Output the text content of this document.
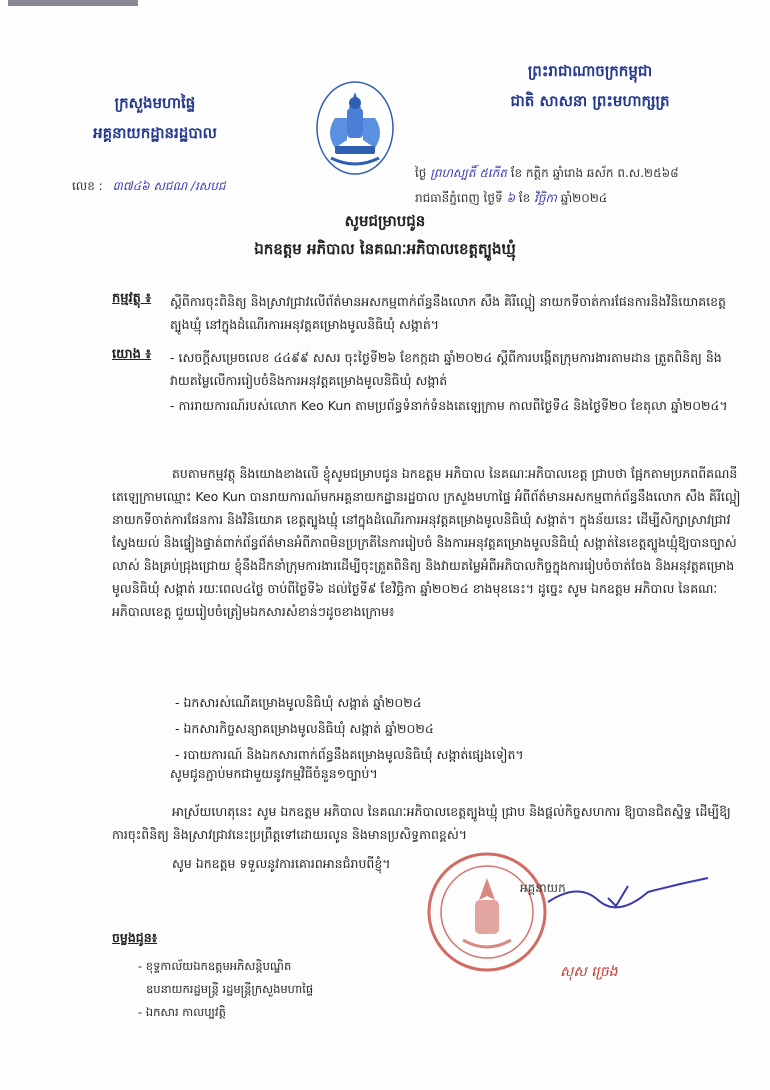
ក្រសួងមហាផ្ទៃ
អគ្គនាយកដ្ឋានរដ្ឋបាល
ព្រះរាជាណាចក្រកម្ពុជា
ជាតិ សាសនា ព្រះមហាក្សត្រ
លេខ : ៣៧៤៦ សជណ /រសបជ
ថ្ងៃ ព្រហស្បតិ៍ ៥កើត ខែ កត្តិក ឆ្នាំរោង ឆស័ក ព.ស.២៥៦៨
រាជធានីភ្នំពេញ ថ្ងៃទី ៦ ខែ វិច្ឆិកា ឆ្នាំ២០២៤
សូមជម្រាបជូន
ឯកឧត្តម អភិបាល នៃគណៈអភិបាលខេត្តត្បូងឃ្មុំ
កម្មវត្ថុ ៖ ស្តីពីការចុះពិនិត្យ និងស្រាវជ្រាវលើព័ត៌មានអសកម្មពាក់ព័ន្ធនឹងលោក សឹង គិរីល្អៀ នាយកទីចាត់ការផែនការនិងវិនិយោគខេត្តត្បូងឃ្មុំ នៅក្នុងដំណើរការអនុវត្តគម្រោងមូលនិធិឃុំ សង្កាត់។
យោង ៖ - សេចក្តីសម្រេចលេខ ៤៤៩៩ សសរ ចុះថ្ងៃទី២៦ ខែកក្កដា ឆ្នាំ២០២៤ ស្តីពីការបង្កើតក្រុមការងារតាមដាន ត្រួតពិនិត្យ និងវាយតម្លៃលើការរៀបចំនិងការអនុវត្តគម្រោងមូលនិធិឃុំ សង្កាត់
- ការរាយការណ៍របស់លោក Keo Kun តាមប្រព័ន្ធទំនាក់ទំនងតេឡេក្រាម កាលពីថ្ងៃទី៤ និងថ្ងៃទី២០ ខែតុលា ឆ្នាំ២០២៤។
តបតាមកម្មវត្ថុ និងយោងខាងលើ ខ្ញុំសូមជម្រាបជូន ឯកឧត្តម អភិបាល នៃគណៈអភិបាលខេត្ត ជ្រាបថា ផ្អែកតាមប្រភពពីគណនីតេឡេក្រាមឈ្មោះ Keo Kun បានរាយការណ៍មកអគ្គនាយកដ្ឋានរដ្ឋបាល ក្រសួងមហាផ្ទៃ អំពីព័ត៌មានអសកម្មពាក់ព័ន្ធនឹងលោក សឹង គិរីល្អៀ នាយកទីចាត់ការផែនការ និងវិនិយោគ ខេត្តត្បូងឃ្មុំ នៅក្នុងដំណើរការអនុវត្តគម្រោងមូលនិធិឃុំ សង្កាត់។ ក្នុងន័យនេះ ដើម្បីសិក្សាស្រាវជ្រាវស្វែងយល់ និងផ្ទៀងផ្ទាត់ពាក់ព័ន្ធព័ត៌មានអំពីភាពមិនប្រក្រតីនៃការរៀបចំ និងការអនុវត្តគម្រោងមូលនិធិឃុំ សង្កាត់នៃខេត្តត្បូងឃ្មុំឱ្យបានច្បាស់លាស់ និងគ្រប់ជ្រុងជ្រោយ ខ្ញុំនឹងដឹកនាំក្រុមការងារដើម្បីចុះត្រួតពិនិត្យ និងវាយតម្លៃអំពីអភិបាលកិច្ចក្នុងការរៀបចំចាត់ចែង និងអនុវត្តគម្រោងមូលនិធិឃុំ សង្កាត់ រយៈពេល៤ថ្ងៃ ចាប់ពីថ្ងៃទី៦ ដល់ថ្ងៃទី៩ ខែវិច្ឆិកា ឆ្នាំ២០២៤ ខាងមុខនេះ។ ដូច្នេះ សូម ឯកឧត្តម អភិបាល នៃគណៈអភិបាលខេត្ត ជួយរៀបចំត្រៀមឯកសារសំខាន់ៗដូចខាងក្រោម៖
- ឯកសារស់ណើគម្រោងមូលនិធិឃុំ សង្កាត់ ឆ្នាំ២០២៤
- ឯកសារកិច្ចសន្យាគម្រោងមូលនិធិឃុំ សង្កាត់ ឆ្នាំ២០២៤
- របាយការណ៍ និងឯកសារពាក់ព័ន្ធនឹងគម្រោងមូលនិធិឃុំ សង្កាត់ផ្សេងទៀត។
សូមជូនភ្ជាប់មកជាមួយនូវកម្មវិធីចំនួន១ច្បាប់។
អាស្រ័យហេតុនេះ សូម ឯកឧត្តម អភិបាល នៃគណៈអភិបាលខេត្តត្បូងឃ្មុំ ជ្រាប និងផ្តល់កិច្ចសហការ ឱ្យបានជិតស្និទ្ធ ដើម្បីឱ្យការចុះពិនិត្យ និងស្រាវជ្រាវនេះប្រព្រឹត្តទៅដោយរលូន និងមានប្រសិទ្ធភាពខ្ពស់។
សូម ឯកឧត្តម ទទួលនូវការគោរពអានជំរាបពីខ្ញុំ។
អគ្គនាយក
សុស ច្រេង
ចម្លងជូន៖
- ខុទ្ទកាល័យឯកឧត្តមអភិសន្តិបណ្ឌិត
ឧបនាយករដ្ឋមន្ត្រី រដ្ឋមន្ត្រីក្រសួងមហាផ្ទៃ
- ឯកសារ កាលប្បវត្តិ
